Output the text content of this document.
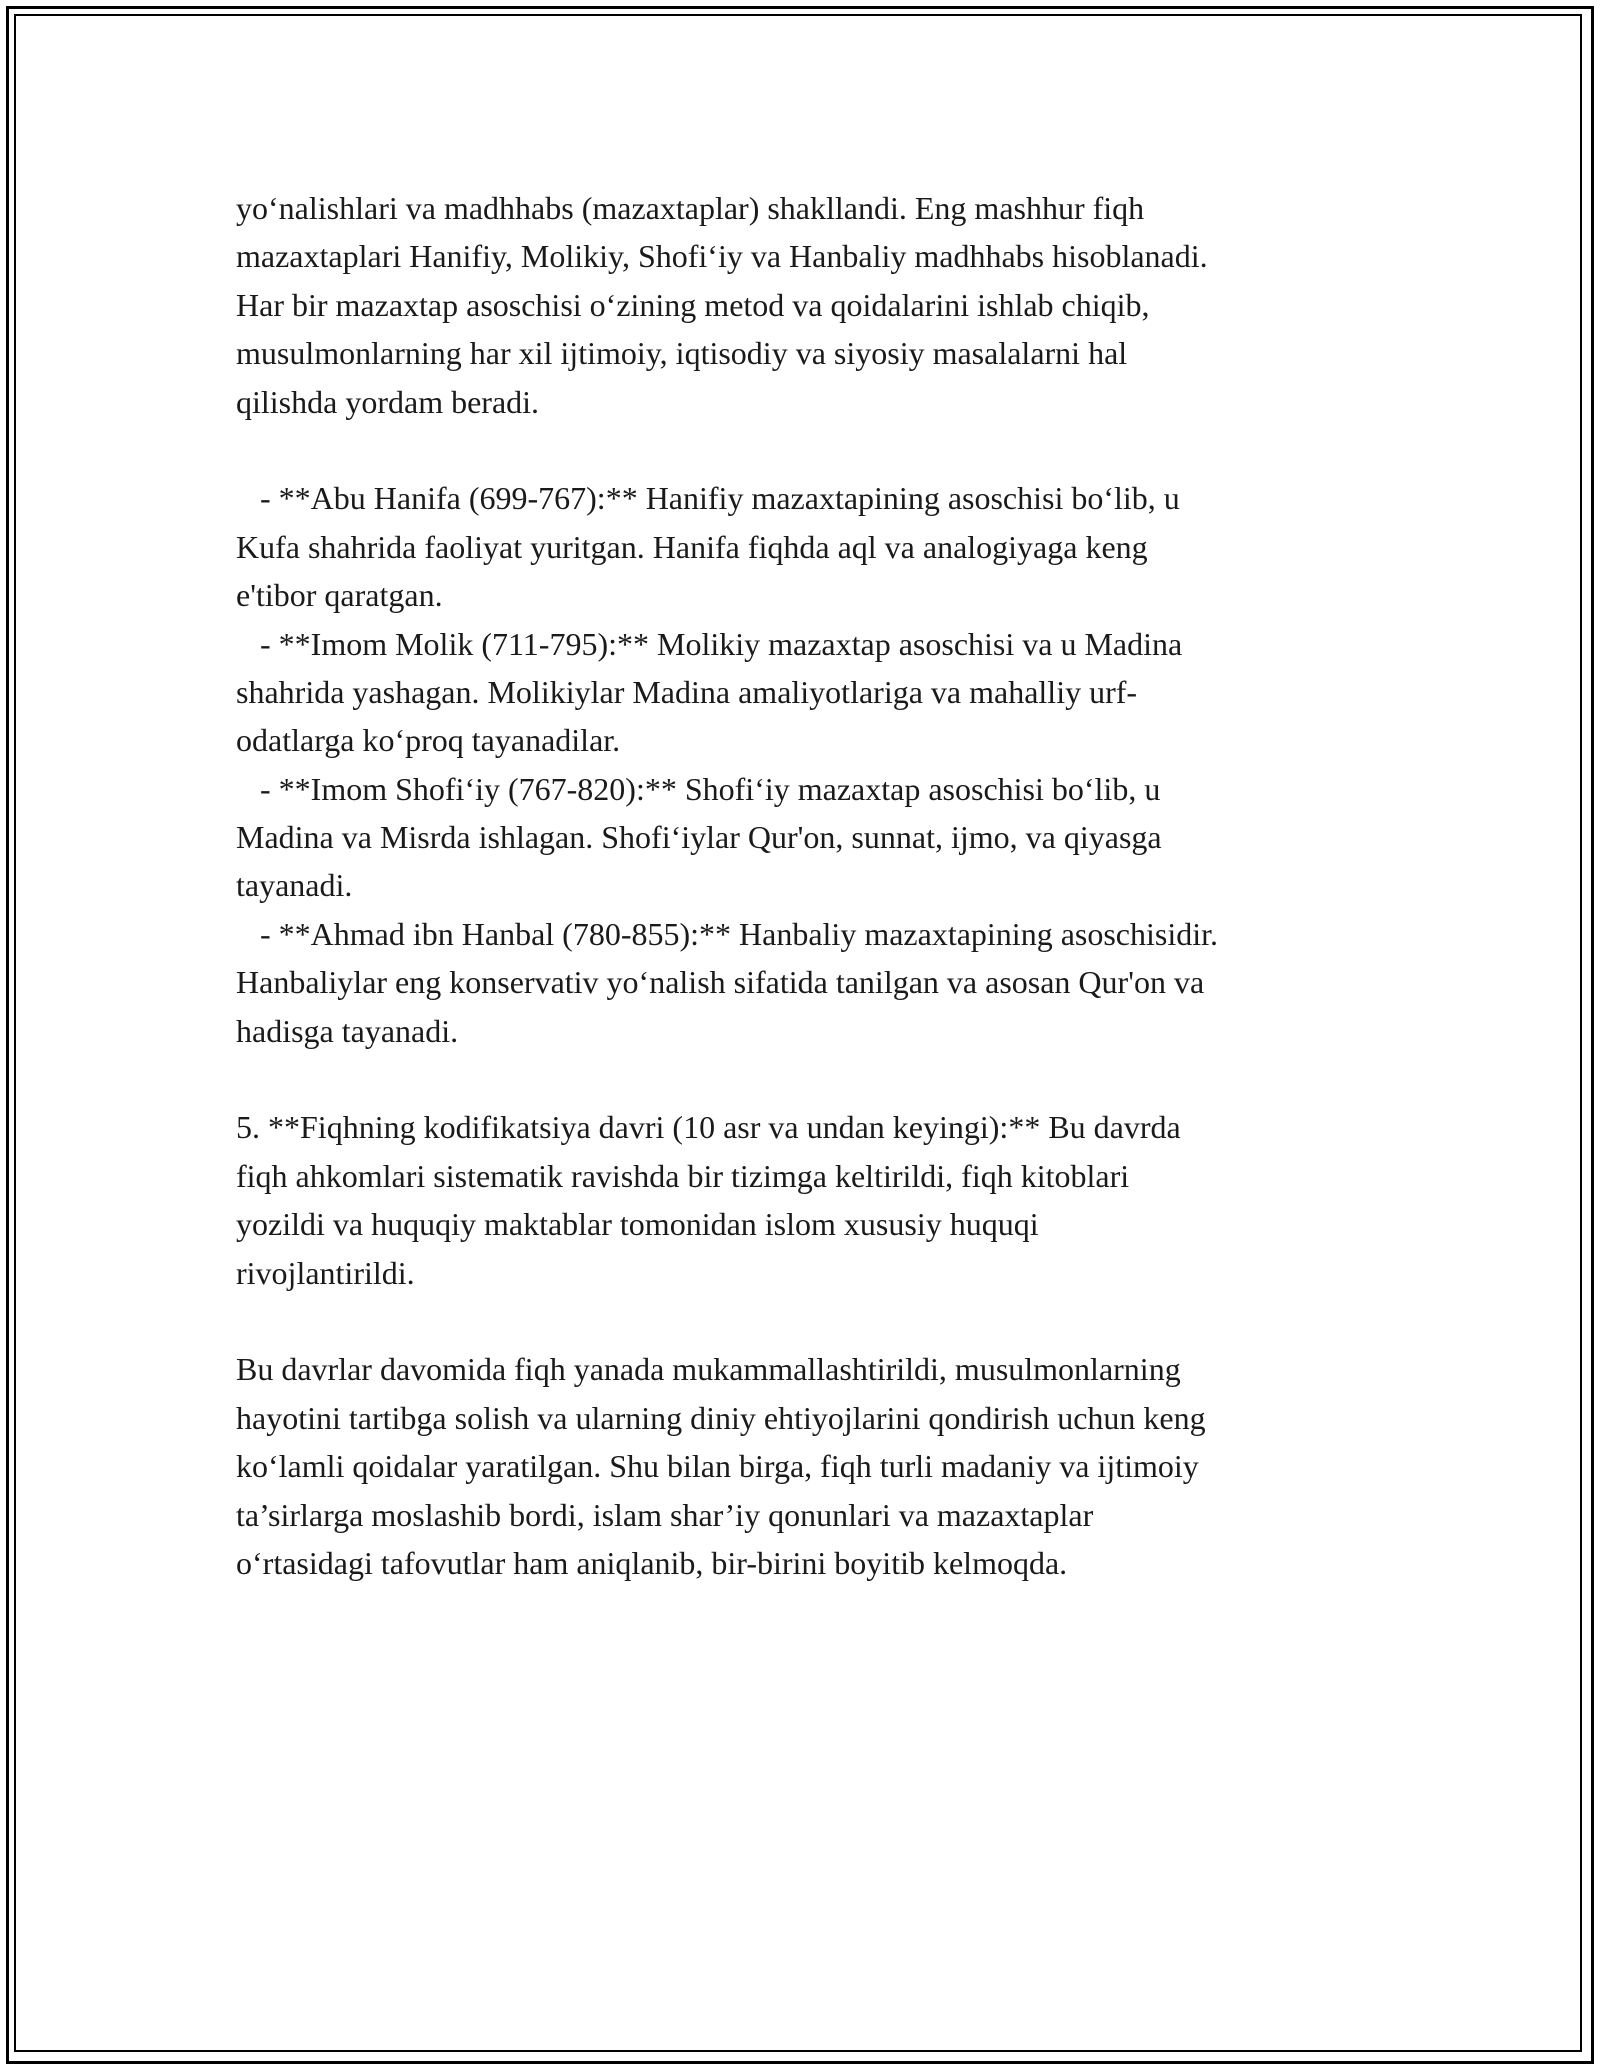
yo‘nalishlari va madhhabs (mazaxtaplar) shakllandi. Eng mashhur fiqh
mazaxtaplari Hanifiy, Molikiy, Shofi‘iy va Hanbaliy madhhabs hisoblanadi.
Har bir mazaxtap asoschisi o‘zining metod va qoidalarini ishlab chiqib,
musulmonlarning har xil ijtimoiy, iqtisodiy va siyosiy masalalarni hal
qilishda yordam beradi.
- **Abu Hanifa (699-767):** Hanifiy mazaxtapining asoschisi bo‘lib, u
Kufa shahrida faoliyat yuritgan. Hanifa fiqhda aql va analogiyaga keng
e'tibor qaratgan.
- **Imom Molik (711-795):** Molikiy mazaxtap asoschisi va u Madina
shahrida yashagan. Molikiylar Madina amaliyotlariga va mahalliy urf-
odatlarga ko‘proq tayanadilar.
- **Imom Shofi‘iy (767-820):** Shofi‘iy mazaxtap asoschisi bo‘lib, u
Madina va Misrda ishlagan. Shofi‘iylar Qur'on, sunnat, ijmo, va qiyasga
tayanadi.
- **Ahmad ibn Hanbal (780-855):** Hanbaliy mazaxtapining asoschisidir.
Hanbaliylar eng konservativ yo‘nalish sifatida tanilgan va asosan Qur'on va
hadisga tayanadi.
5. **Fiqhning kodifikatsiya davri (10 asr va undan keyingi):** Bu davrda
fiqh ahkomlari sistematik ravishda bir tizimga keltirildi, fiqh kitoblari
yozildi va huquqiy maktablar tomonidan islom xususiy huquqi
rivojlantirildi.
Bu davrlar davomida fiqh yanada mukammallashtirildi, musulmonlarning
hayotini tartibga solish va ularning diniy ehtiyojlarini qondirish uchun keng
ko‘lamli qoidalar yaratilgan. Shu bilan birga, fiqh turli madaniy va ijtimoiy
ta’sirlarga moslashib bordi, islam shar’iy qonunlari va mazaxtaplar
o‘rtasidagi tafovutlar ham aniqlanib, bir-birini boyitib kelmoqda.
